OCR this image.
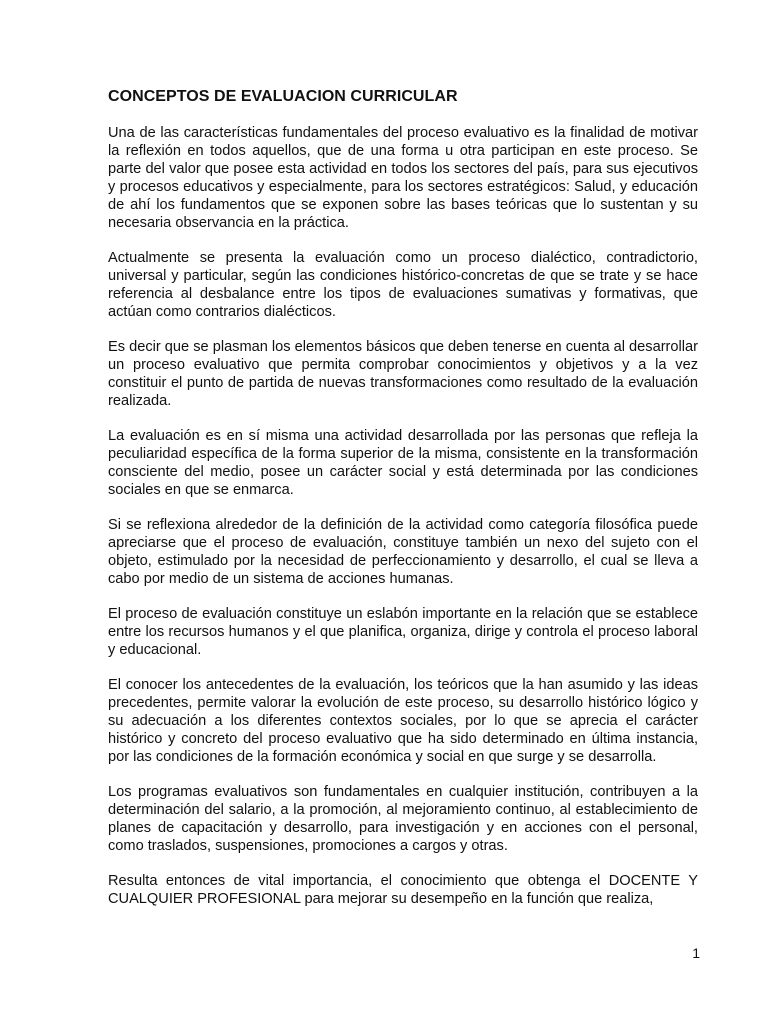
CONCEPTOS DE EVALUACION CURRICULAR

Una de las características fundamentales del proceso evaluativo es la finalidad de motivar la reflexión en todos aquellos, que de una forma u otra participan en este proceso. Se parte del valor que posee esta actividad en todos los sectores del país, para sus ejecutivos y procesos educativos y especialmente, para los sectores estratégicos: Salud, y educación de ahí los fundamentos que se exponen sobre las bases teóricas que lo sustentan y su necesaria observancia en la práctica.

Actualmente se presenta la evaluación como un proceso dialéctico, contradictorio, universal y particular, según las condiciones histórico-concretas de que se trate y se hace referencia al desbalance entre los tipos de evaluaciones sumativas y formativas, que actúan como contrarios dialécticos.

Es decir que se plasman los elementos básicos que deben tenerse en cuenta al desarrollar un proceso evaluativo que permita comprobar conocimientos y objetivos y a la vez constituir el punto de partida de nuevas transformaciones como resultado de la evaluación realizada.

La evaluación es en sí misma una actividad desarrollada por las personas que refleja la peculiaridad específica de la forma superior de la misma, consistente en la transformación consciente del medio, posee un carácter social y está determinada por las condiciones sociales en que se enmarca.

Si se reflexiona alrededor de la definición de la actividad como categoría filosófica puede apreciarse que el proceso de evaluación, constituye también un nexo del sujeto con el objeto, estimulado por la necesidad de perfeccionamiento y desarrollo, el cual se lleva a cabo por medio de un sistema de acciones humanas.

El proceso de evaluación constituye un eslabón importante en la relación que se establece entre los recursos humanos y el que planifica, organiza, dirige y controla el proceso laboral y educacional.

El conocer los antecedentes de la evaluación, los teóricos que la han asumido y las ideas precedentes, permite valorar la evolución de este proceso, su desarrollo histórico lógico y su adecuación a los diferentes contextos sociales, por lo que se aprecia el carácter histórico y concreto del proceso evaluativo que ha sido determinado en última instancia, por las condiciones de la formación económica y social en que surge y se desarrolla.

Los programas evaluativos son fundamentales en cualquier institución, contribuyen a la determinación del salario, a la promoción, al mejoramiento continuo, al establecimiento de planes de capacitación y desarrollo, para investigación y en acciones con el personal, como traslados, suspensiones, promociones a cargos y otras.

Resulta entonces de vital importancia, el conocimiento que obtenga el DOCENTE Y CUALQUIER PROFESIONAL para mejorar su desempeño en la función que realiza,

1
